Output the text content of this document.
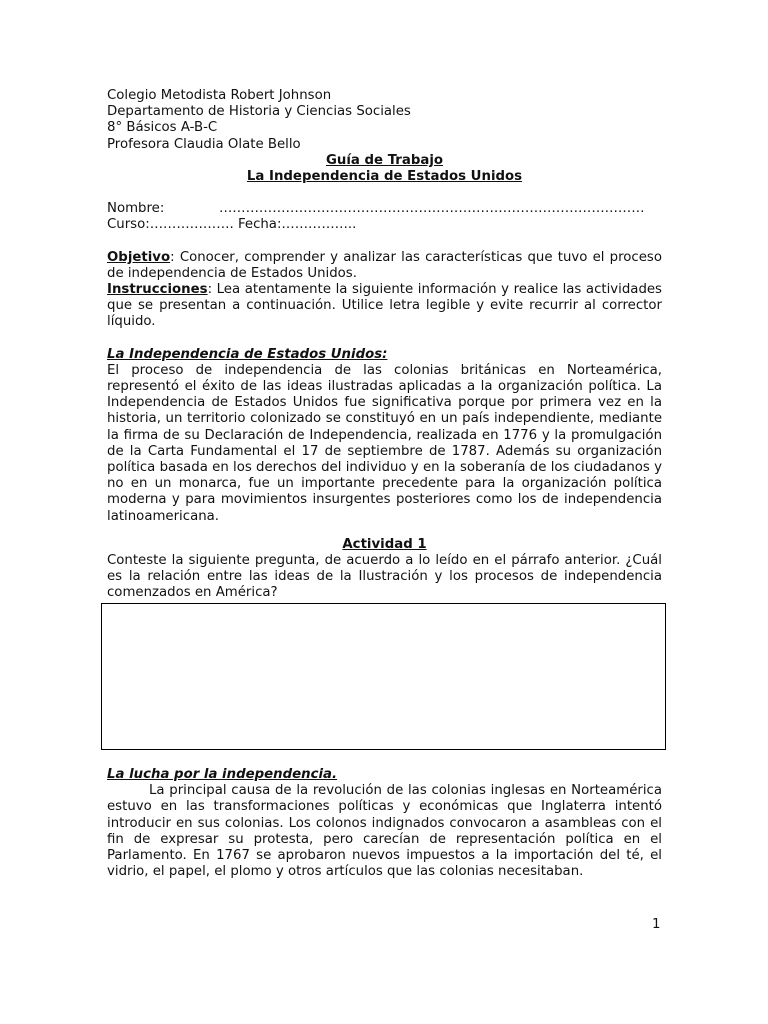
Colegio Metodista Robert Johnson
Departamento de Historia y Ciencias Sociales
8° Básicos A-B-C
Profesora Claudia Olate Bello
Guía de Trabajo
La Independencia de Estados Unidos
Nombre:	……………………………………………………………………………………
Curso:………………. Fecha:……………..
Objetivo: Conocer, comprender y analizar las características que tuvo el proceso de independencia de Estados Unidos.
Instrucciones: Lea atentamente la siguiente información y realice las actividades que se presentan a continuación. Utilice letra legible y evite recurrir al corrector líquido.
La Independencia de Estados Unidos:
El proceso de independencia de las colonias británicas en Norteamérica, representó el éxito de las ideas ilustradas aplicadas a la organización política. La Independencia de Estados Unidos fue significativa porque por primera vez en la historia, un territorio colonizado se constituyó en un país independiente, mediante la firma de su Declaración de Independencia, realizada en 1776 y la promulgación de la Carta Fundamental el 17 de septiembre de 1787. Además su organización política basada en los derechos del individuo y en la soberanía de los ciudadanos y no en un monarca, fue un importante precedente para la organización política moderna y para movimientos insurgentes posteriores como los de independencia latinoamericana.
Actividad 1
Conteste la siguiente pregunta, de acuerdo a lo leído en el párrafo anterior. ¿Cuál es la relación entre las ideas de la Ilustración y los procesos de independencia comenzados en América?
La lucha por la independencia.
La principal causa de la revolución de las colonias inglesas en Norteamérica estuvo en las transformaciones políticas y económicas que Inglaterra intentó introducir en sus colonias. Los colonos indignados convocaron a asambleas con el fin de expresar su protesta, pero carecían de representación política en el Parlamento. En 1767 se aprobaron nuevos impuestos a la importación del té, el vidrio, el papel, el plomo y otros artículos que las colonias necesitaban.
1
